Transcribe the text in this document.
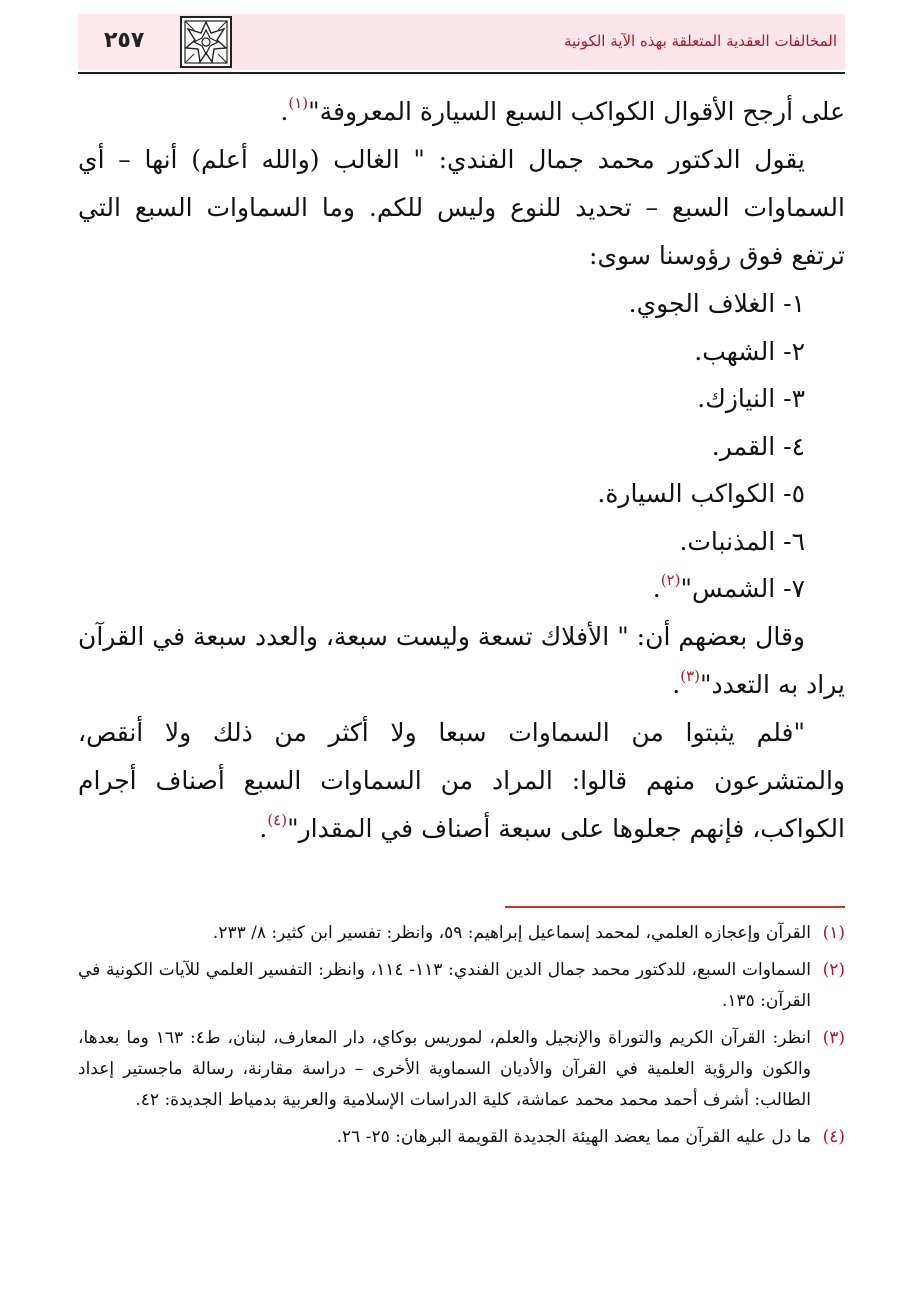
٢٥٧	المخالفات العقدية المتعلقة بهذه الآية الكونية

على أرجح الأقوال الكواكب السبع السيارة المعروفة"$^{(١)}$.

يقول الدكتور محمد جمال الفندي: " الغالب (والله أعلم) أنها – أي السماوات السبع – تحديد للنوع وليس للكم. وما السماوات السبع التي ترتفع فوق رؤوسنا سوى:

١- الغلاف الجوي.

٢- الشهب.

٣- النيازك.

٤- القمر.

٥- الكواكب السيارة.

٦- المذنبات.

٧- الشمس"$^{(٢)}$.

وقال بعضهم أن: " الأفلاك تسعة وليست سبعة، والعدد سبعة في القرآن يراد به التعدد"$^{(٣)}$.

"فلم يثبتوا من السماوات سبعا ولا أكثر من ذلك ولا أنقص، والمتشرعون منهم قالوا: المراد من السماوات السبع أصناف أجرام الكواكب، فإنهم جعلوها على سبعة أصناف في المقدار"$^{(٤)}$.

(١)
القرآن وإعجازه العلمي، لمحمد إسماعيل إبراهيم: ٥٩، وانظر: تفسير ابن كثير: ٨/ ٢٣٣.
(٢)
السماوات السبع، للدكتور محمد جمال الدين الفندي: ١١٣- ١١٤، وانظر: التفسير العلمي للآيات الكونية في القرآن: ١٣٥.
(٣)
انظر: القرآن الكريم والتوراة والإنجيل والعلم، لموريس بوكاي، دار المعارف، لبنان، ط٤: ١٦٣ وما بعدها، والكون والرؤية العلمية في القرآن والأديان السماوية الأخرى – دراسة مقارنة، رسالة ماجستير إعداد الطالب: أشرف أحمد محمد محمد عماشة، كلية الدراسات الإسلامية والعربية بدمياط الجديدة: ٤٢.
(٤)
ما دل عليه القرآن مما يعضد الهيئة الجديدة القويمة البرهان: ٢٥- ٢٦.
